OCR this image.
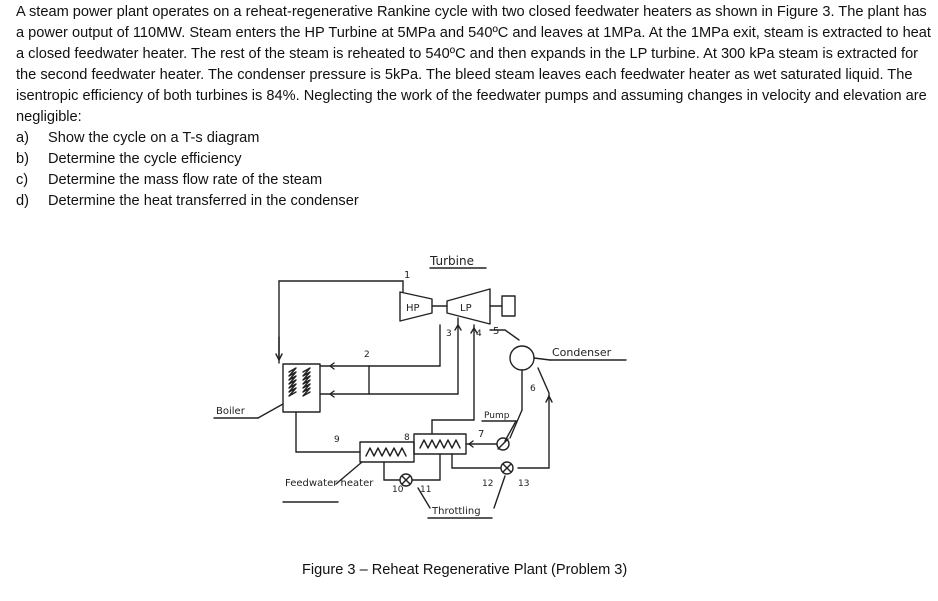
A steam power plant operates on a reheat-regenerative Rankine cycle with two closed feedwater heaters as shown in Figure 3. The plant has a power output of 110MW. Steam enters the HP Turbine at 5MPa and 540ºC and leaves at 1MPa. At the 1MPa exit, steam is extracted to heat a closed feedwater heater. The rest of the steam is reheated to 540ºC and then expands in the LP turbine. At 300 kPa steam is extracted for the second feedwater heater. The condenser pressure is 5kPa. The bleed steam leaves each feedwater heater as wet saturated liquid. The isentropic efficiency of both turbines is 84%. Neglecting the work of the feedwater pumps and assuming changes in velocity and elevation are negligible:

a)	Show the cycle on a T-s diagram
b)	Determine the cycle efficiency
c)	Determine the mass flow rate of the steam
d)	Determine the heat transferred in the condenser
Turbine
HP	LP
1
2
3
Boiler
9
4 5
Condenser
6
Pump
7
8
10 11
12	13
Feedwater heater
Throttling
Figure 3 – Reheat Regenerative Plant (Problem 3)
